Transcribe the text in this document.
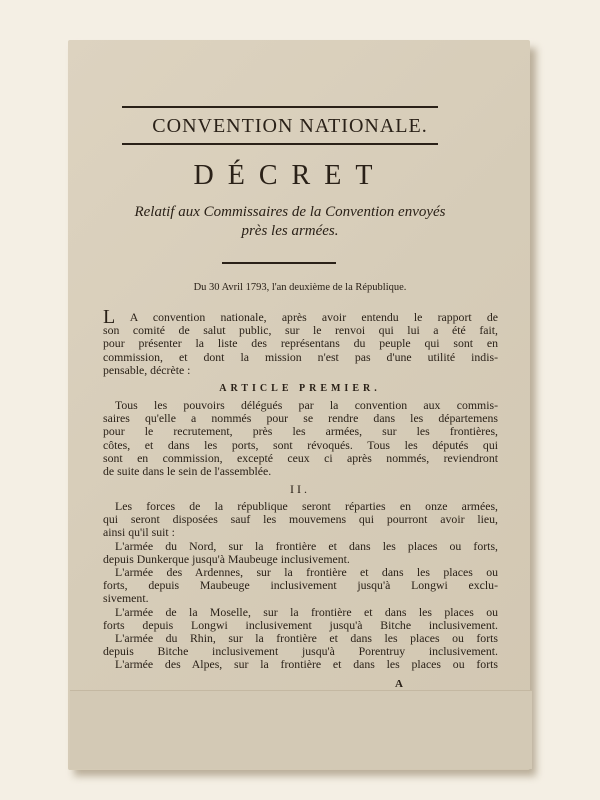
CONVENTION NATIONALE.
DÉCRET
Relatif aux Commissaires de la Convention envoyés
près les armées.
Du 30 Avril 1793, l'an deuxième de la République.
L A convention nationale, après avoir entendu le rapport de
son comité de salut public, sur le renvoi qui lui a été fait,
pour présenter la liste des représentans du peuple qui sont en
commission, et dont la mission n'est pas d'une utilité indis-
pensable, décrète :
ARTICLE PREMIER.
Tous les pouvoirs délégués par la convention aux commis-
saires qu'elle a nommés pour se rendre dans les départemens
pour le recrutement, près les armées, sur les frontières,
côtes, et dans les ports, sont révoqués. Tous les députés qui
sont en commission, excepté ceux ci après nommés, reviendront
de suite dans le sein de l'assemblée.
II.
Les forces de la république seront réparties en onze armées,
qui seront disposées sauf les mouvemens qui pourront avoir lieu,
ainsi qu'il suit :
L'armée du Nord, sur la frontière et dans les places ou forts,
depuis Dunkerque jusqu'à Maubeuge inclusivement.
L'armée des Ardennes, sur la frontière et dans les places ou
forts, depuis Maubeuge inclusivement jusqu'à Longwi exclu-
sivement.
L'armée de la Moselle, sur la frontière et dans les places ou
forts depuis Longwi inclusivement jusqu'à Bitche inclusivement.
L'armée du Rhin, sur la frontière et dans les places ou forts
depuis Bitche inclusivement jusqu'à Porentruy inclusivement.
L'armée des Alpes, sur la frontière et dans les places ou forts
A
